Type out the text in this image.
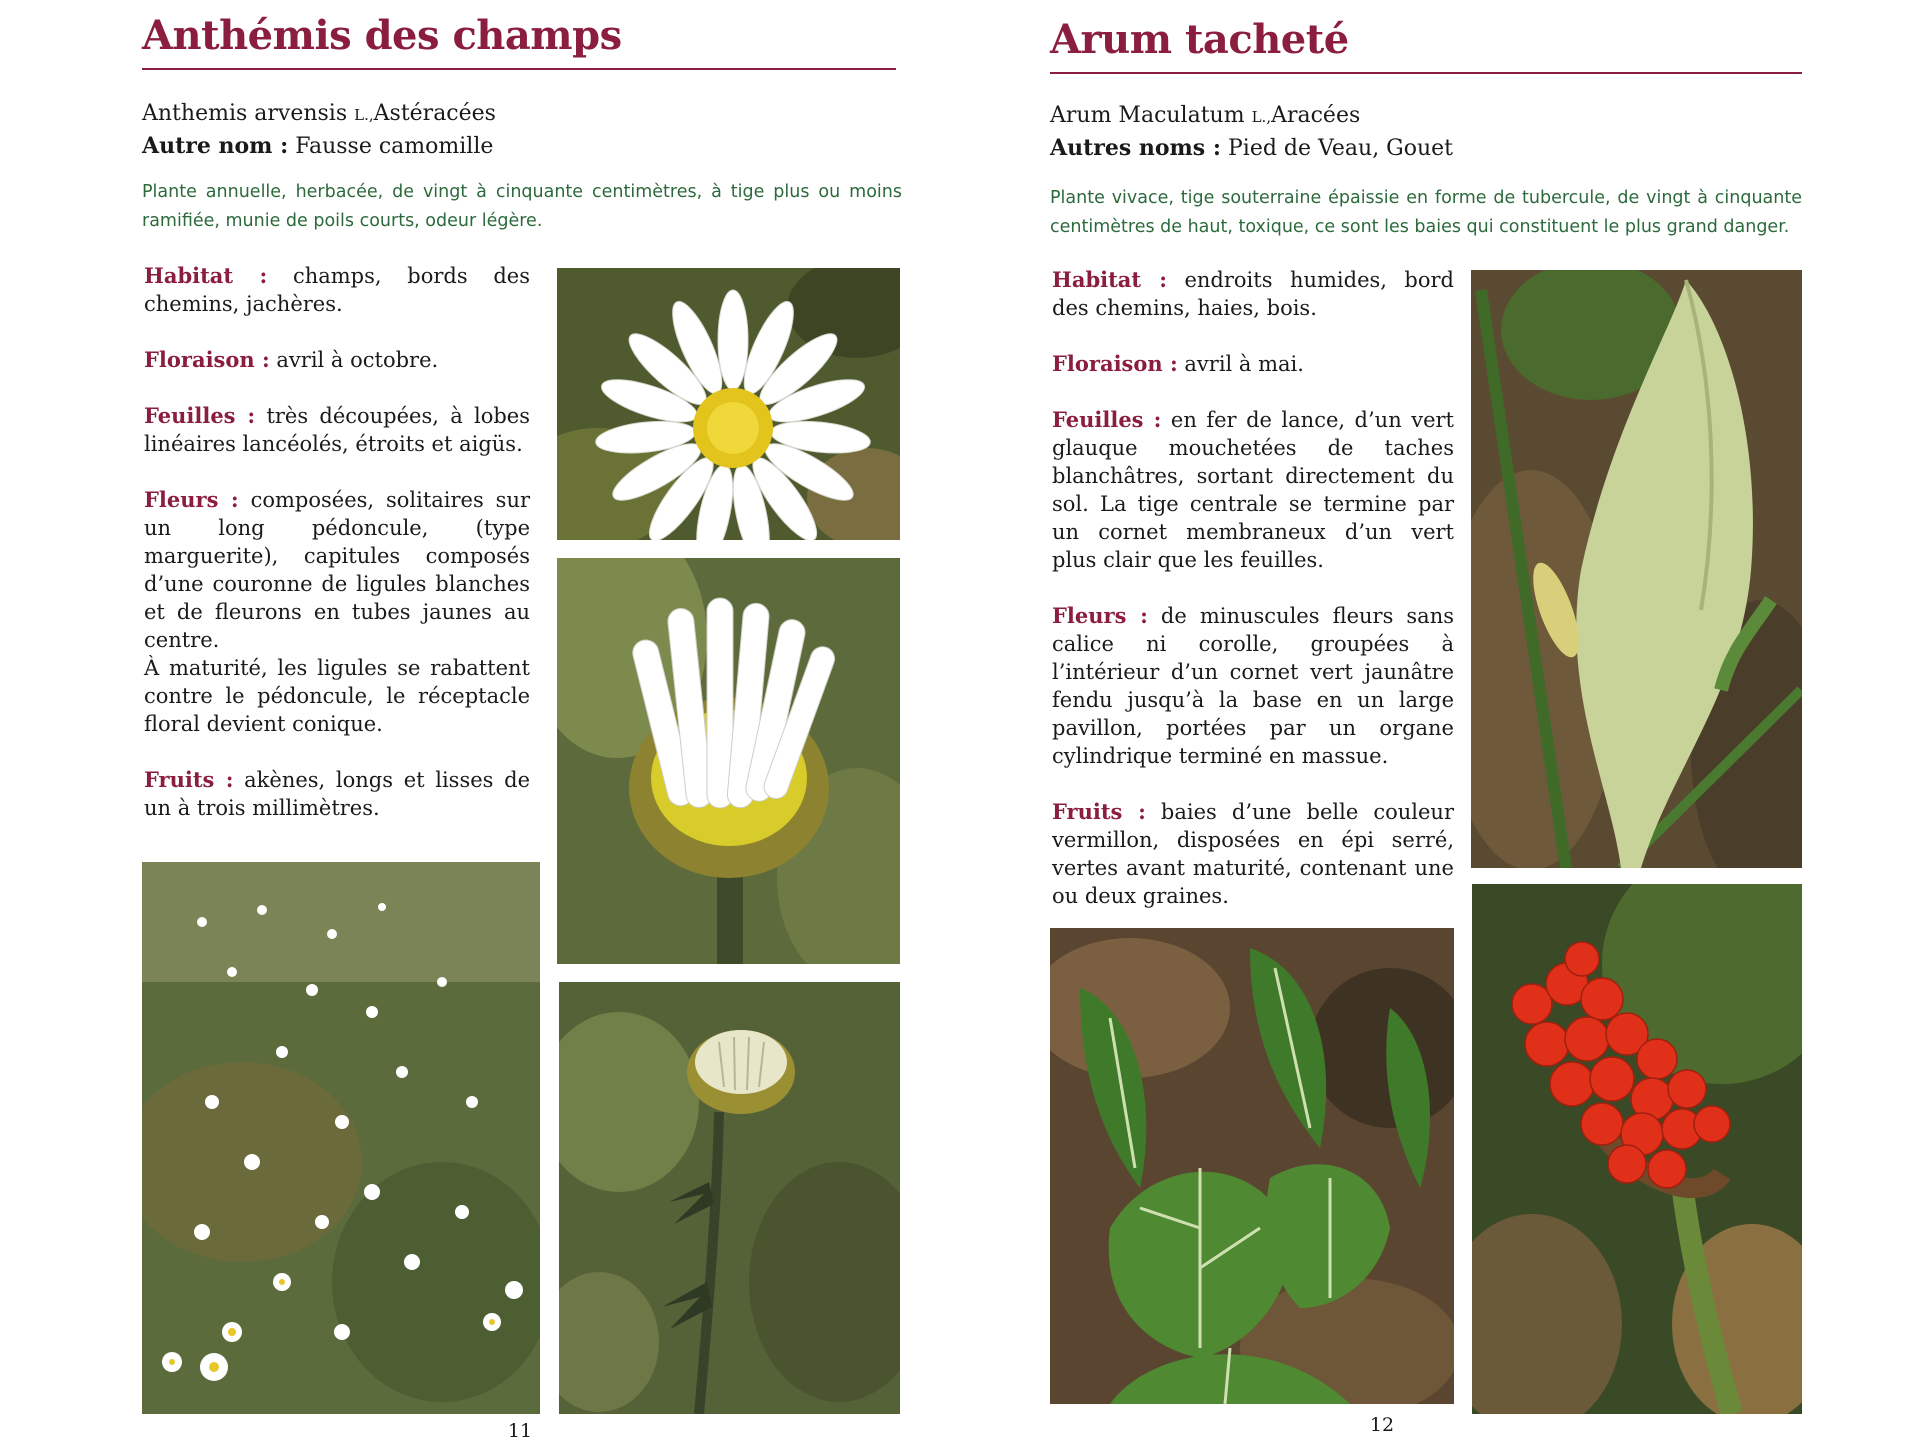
Anthémis des champs

Anthemis arvensis L.,Astéracées

Autre nom : Fausse camomille

Plante annuelle, herbacée, de vingt à cinquante centimètres, à tige plus ou moins ramifiée, munie de poils courts, odeur légère.

Habitat : champs, bords des chemins, jachères.

Floraison : avril à octobre.

Feuilles : très découpées, à lobes linéaires lancéolés, étroits et aigüs.

Fleurs : composées, solitaires sur un long pédoncule, (type marguerite), capitules composés d’une couronne de ligules blanches et de fleurons en tubes jaunes au centre.
À maturité, les ligules se rabattent contre le pédoncule, le réceptacle floral devient conique.

Fruits : akènes, longs et lisses de un à trois millimètres.

11
Arum tacheté

Arum Maculatum L.,Aracées

Autres noms : Pied de Veau, Gouet

Plante vivace, tige souterraine épaissie en forme de tubercule, de vingt à cinquante centimètres de haut, toxique, ce sont les baies qui constituent le plus grand danger.

Habitat : endroits humides, bord des chemins, haies, bois.

Floraison : avril à mai.

Feuilles : en fer de lance, d’un vert glauque mouchetées de taches blanchâtres, sortant directement du sol. La tige centrale se termine par un cornet membraneux d’un vert plus clair que les feuilles.

Fleurs : de minuscules fleurs sans calice ni corolle, groupées à l’intérieur d’un cornet vert jaunâtre fendu jusqu’à la base en un large pavillon, portées par un organe cylindrique terminé en massue.

Fruits : baies d’une belle couleur vermillon, disposées en épi serré, vertes avant maturité, contenant une ou deux graines.

12
